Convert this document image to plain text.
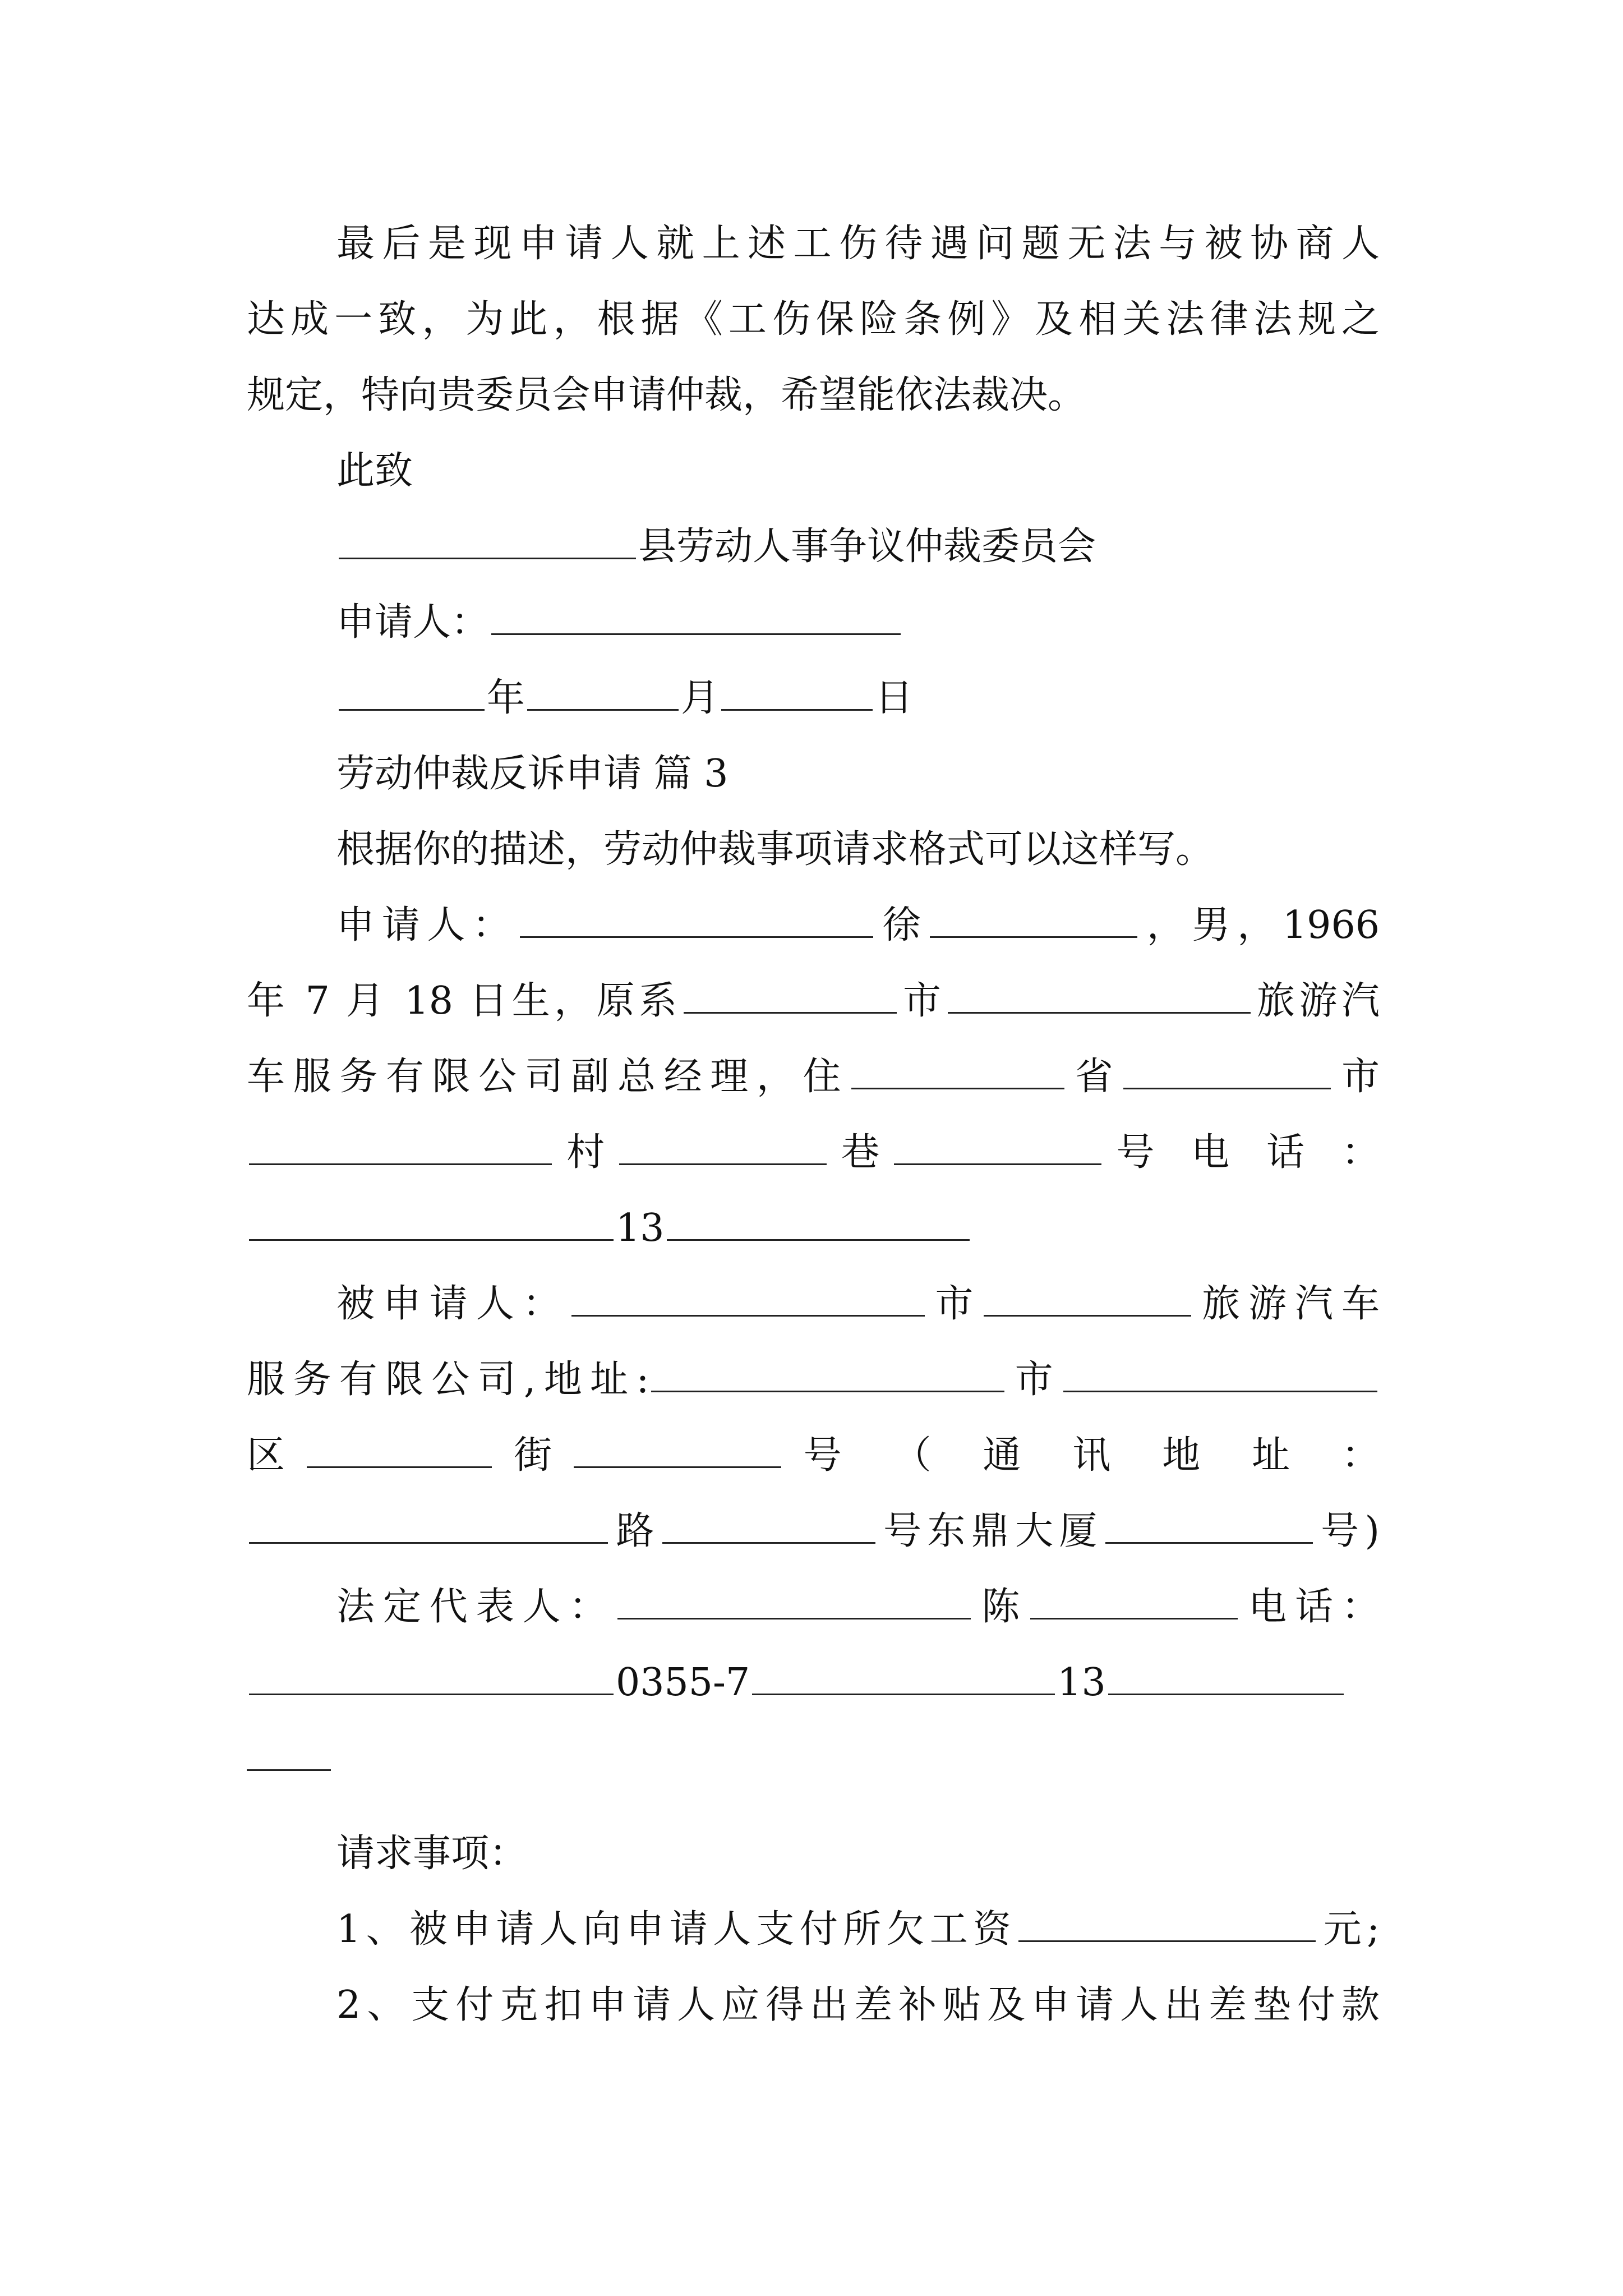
最后是现申请人就上述工伤待遇问题无法与被协商人
达成一致，为此，根据《工伤保险条例》及相关法律法规之
规定，特向贵委员会申请仲裁，希望能依法裁决。
此致
县劳动人事争议仲裁委员会
申请人：
年	月	日
劳动仲裁反诉申请 篇 3
根据你的描述，劳动仲裁事项请求格式可以这样写。
申请人：	徐	，男，1966
年 7 月 18 日生，原系	市	旅游汽
车服务有限公司副总经理，住	省	市
村	巷	号 电 话 ：
13
被申请人：	市	旅游汽车
服务有限公司,地址:	市
区	街	号 （ 通 讯 地 址 ：
路	号东鼎大厦	号)
法定代表人：	陈	电话：
0355-7	13
请求事项：
1、被申请人向申请人支付所欠工资	元;
2、支付克扣申请人应得出差补贴及申请人出差垫付款
